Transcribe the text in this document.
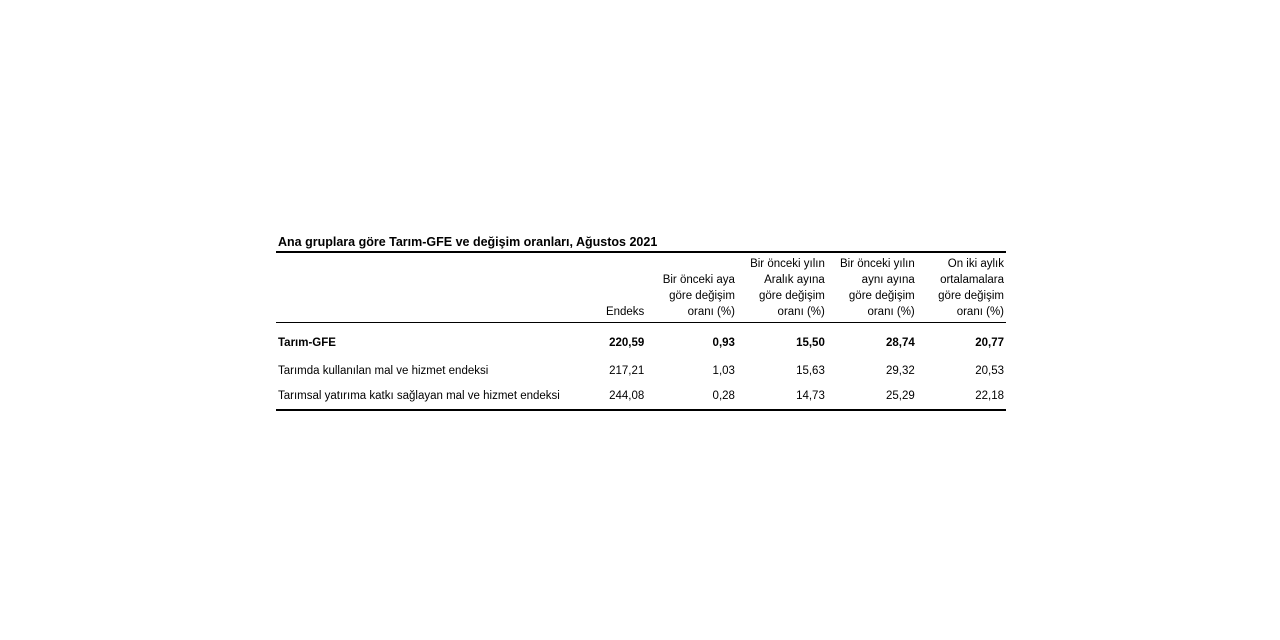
Ana gruplara göre Tarım-GFE ve değişim oranları, Ağustos 2021

	Endeks	Bir önceki aya
göre değişim
oranı (%)	Bir önceki yılın
Aralık ayına
göre değişim
oranı (%)	Bir önceki yılın
aynı ayına
göre değişim
oranı (%)	On iki aylık
ortalamalara
göre değişim
oranı (%)

Tarım-GFE	220,59	0,93	15,50	28,74	20,77
Tarımda kullanılan mal ve hizmet endeksi	217,21	1,03	15,63	29,32	20,53
Tarımsal yatırıma katkı sağlayan mal ve hizmet endeksi	244,08	0,28	14,73	25,29	22,18
